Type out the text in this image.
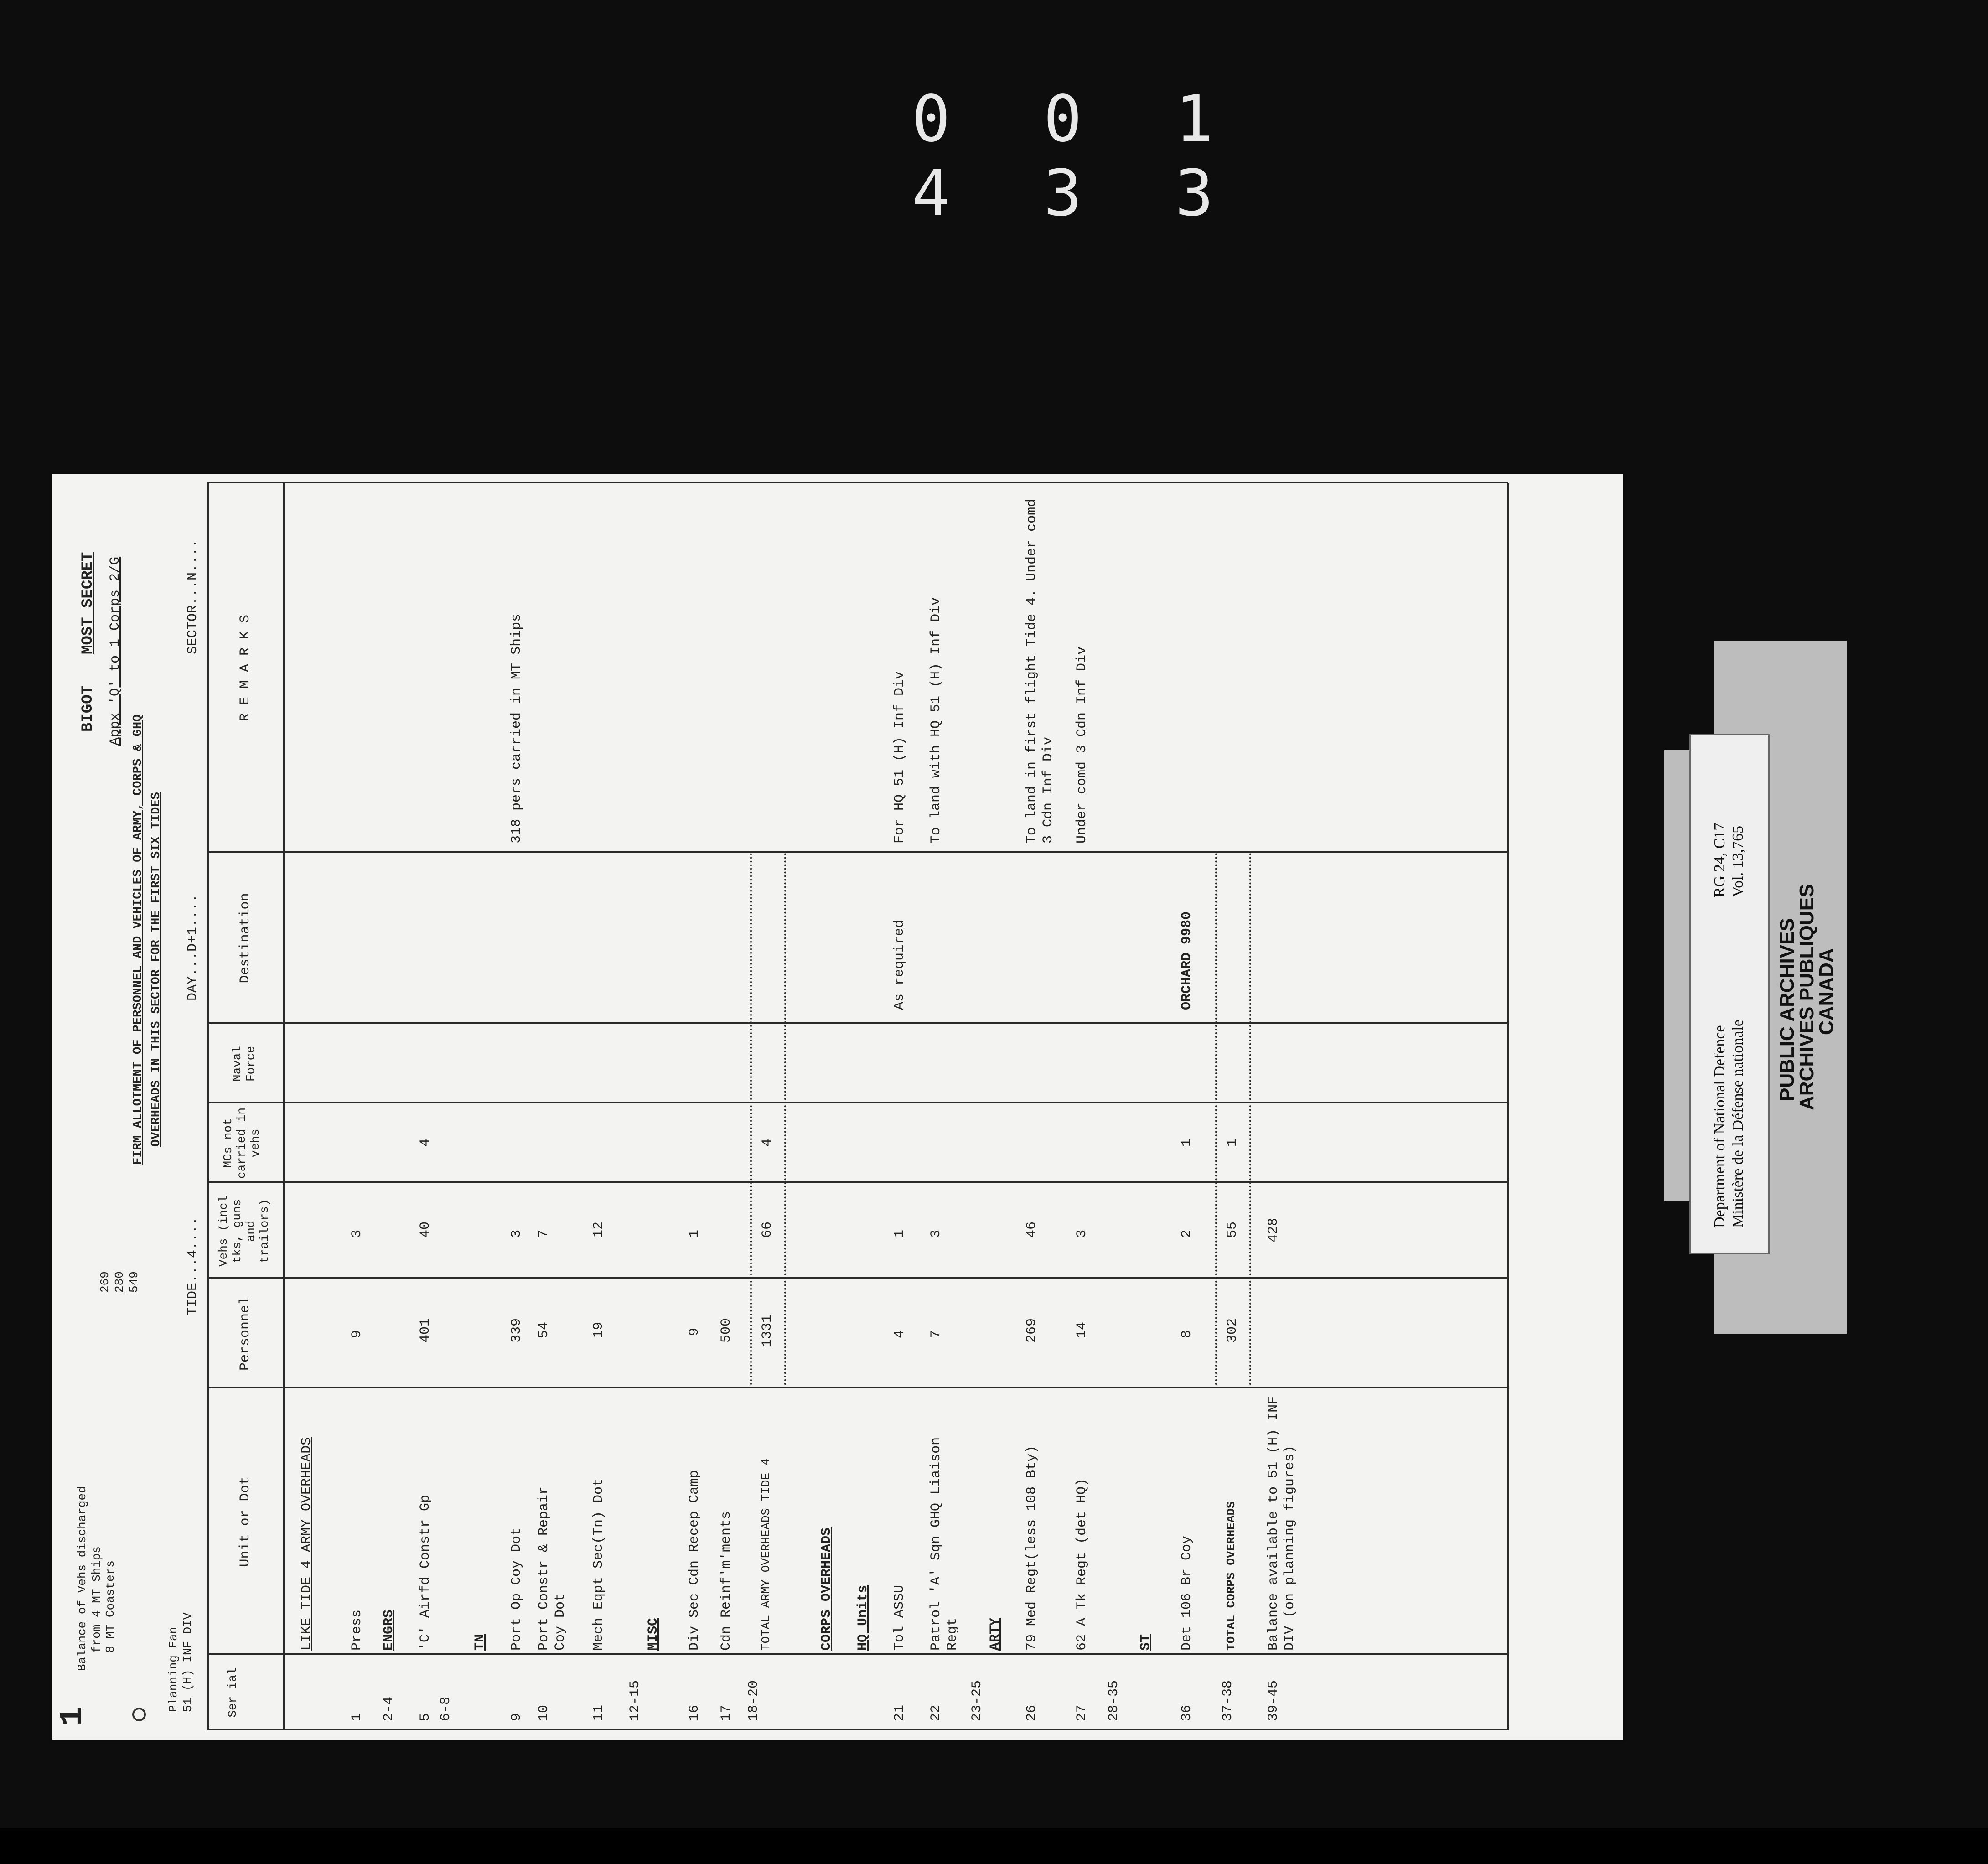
0 0 1 4 3 3
BIGOT
MOST SECRET Appx 'Q' to 1 Corps 2/G
FIRM ALLOTMENT OF PERSONNEL AND VEHICLES OF ARMY, CORPS & GHQ OVERHEADS IN THIS SECTOR FOR THE FIRST SIX TIDES
SECTOR...N....
DAY...D+1....
TIDE...4....
Balance of Vehs discharged from 4 MT Ships 8 MT Coasters
269 280 549
Planning Fan 51 (H) INF DIV
1	Ser ial
Unit or Dot
Personnel
Vehs (incl tks, guns and trailors)
MCs not carried in vehs
Naval Force
Destination
R E M A R K S
LIKE TIDE 4 ARMY OVERHEADS
1
Press
9
3
2-4
ENGRS
5
'C' Airfd Constr Gp
401
40
4
6-8
TN
9
Port Op Coy Dot
339
3
318 pers carried in MT Ships
10
Port Constr & Repair Coy Dot
54
7
11
Mech Eqpt Sec(Tn) Dot
19
12
12-15
MISC
16
Div Sec Cdn Recep Camp
9
1
17
Cdn Reinf'm'ments
500
18-20
TOTAL ARMY OVERHEADS TIDE 4
1331
66
4
CORPS OVERHEADS HQ Units
21
Tol ASSU
4
1
As required
For HQ 51 (H) Inf Div
22
Patrol 'A' Sqn GHQ Liaison Regt
7
3
To land with HQ 51 (H) Inf Div
23-25
ARTY
26
79 Med Regt(less 108 Bty)
269
46
To land in first flight Tide 4. Under comd 3 Cdn Inf Div
27
62 A Tk Regt (det HQ)
14
3
Under comd 3 Cdn Inf Div
28-35
ST
36
Det 106 Br Coy
8
2
1
ORCHARD 9980
37-38
TOTAL CORPS OVERHEADS
302
55
1
39-45
Balance available to 51 (H) INF DIV (on planning figures)
428
Department of National Defence Ministère de la Défense nationale
RG 24, C17 Vol. 13,765
PUBLIC ARCHIVES
ARCHIVES PUBLIQUES
CANADA
